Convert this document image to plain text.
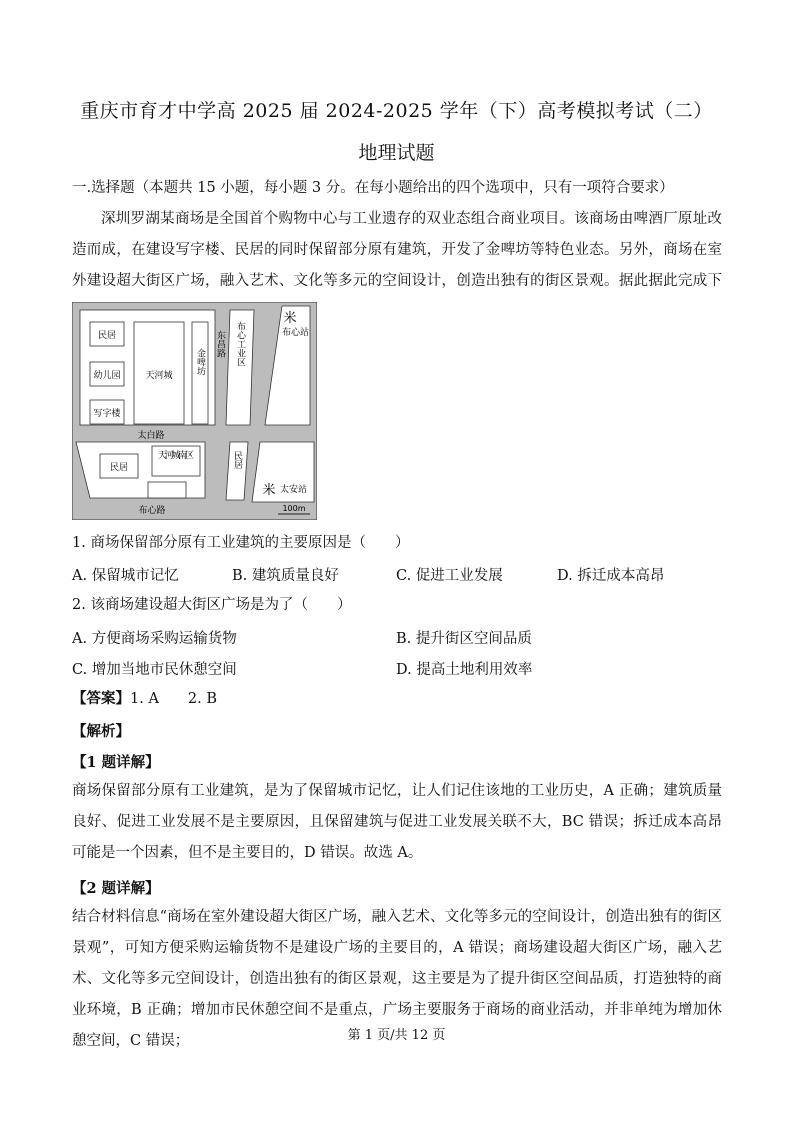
重庆市育才中学高 2025 届 2024-2025 学年（下）高考模拟考试（二）
地理试题
一.选择题（本题共 15 小题，每小题 3 分。在每小题给出的四个选项中，只有一项符合要求）
深圳罗湖某商场是全国首个购物中心与工业遗存的双业态组合商业项目。该商场由啤酒厂原址改造而成，在建设写字楼、民居的同时保留部分原有建筑，开发了金啤坊等特色业态。另外，商场在室外建设超大街区广场，融入艺术、文化等多元的空间设计，创造出独有的街区景观。据此据此完成下
民居
幼儿园
写字楼
天河城
金啤坊
东昌路 布心工业区
米
布心站
太白路
民居
天河城南区	民居
米 太安站
布心路	100m
1. 商场保留部分原有工业建筑的主要原因是（　　）
A. 保留城市记忆	B. 建筑质量良好	C. 促进工业发展	D. 拆迁成本高昂
2. 该商场建设超大街区广场是为了（　　）
A. 方便商场采购运输货物	B. 提升街区空间品质
C. 增加当地市民休憩空间	D. 提高土地利用效率
【答案】1. A　　2. B
【解析】
【1 题详解】
商场保留部分原有工业建筑，是为了保留城市记忆，让人们记住该地的工业历史，A 正确；建筑质量良好、促进工业发展不是主要原因，且保留建筑与促进工业发展关联不大，BC 错误；拆迁成本高昂可能是一个因素，但不是主要目的，D 错误。故选 A。
【2 题详解】
结合材料信息“商场在室外建设超大街区广场，融入艺术、文化等多元的空间设计，创造出独有的街区景观”，可知方便采购运输货物不是建设广场的主要目的，A 错误；商场建设超大街区广场，融入艺术、文化等多元空间设计，创造出独有的街区景观，这主要是为了提升街区空间品质，打造独特的商业环境，B 正确；增加市民休憩空间不是重点，广场主要服务于商场的商业活动，并非单纯为增加休憩空间，C 错误；	第 1 页/共 12 页
